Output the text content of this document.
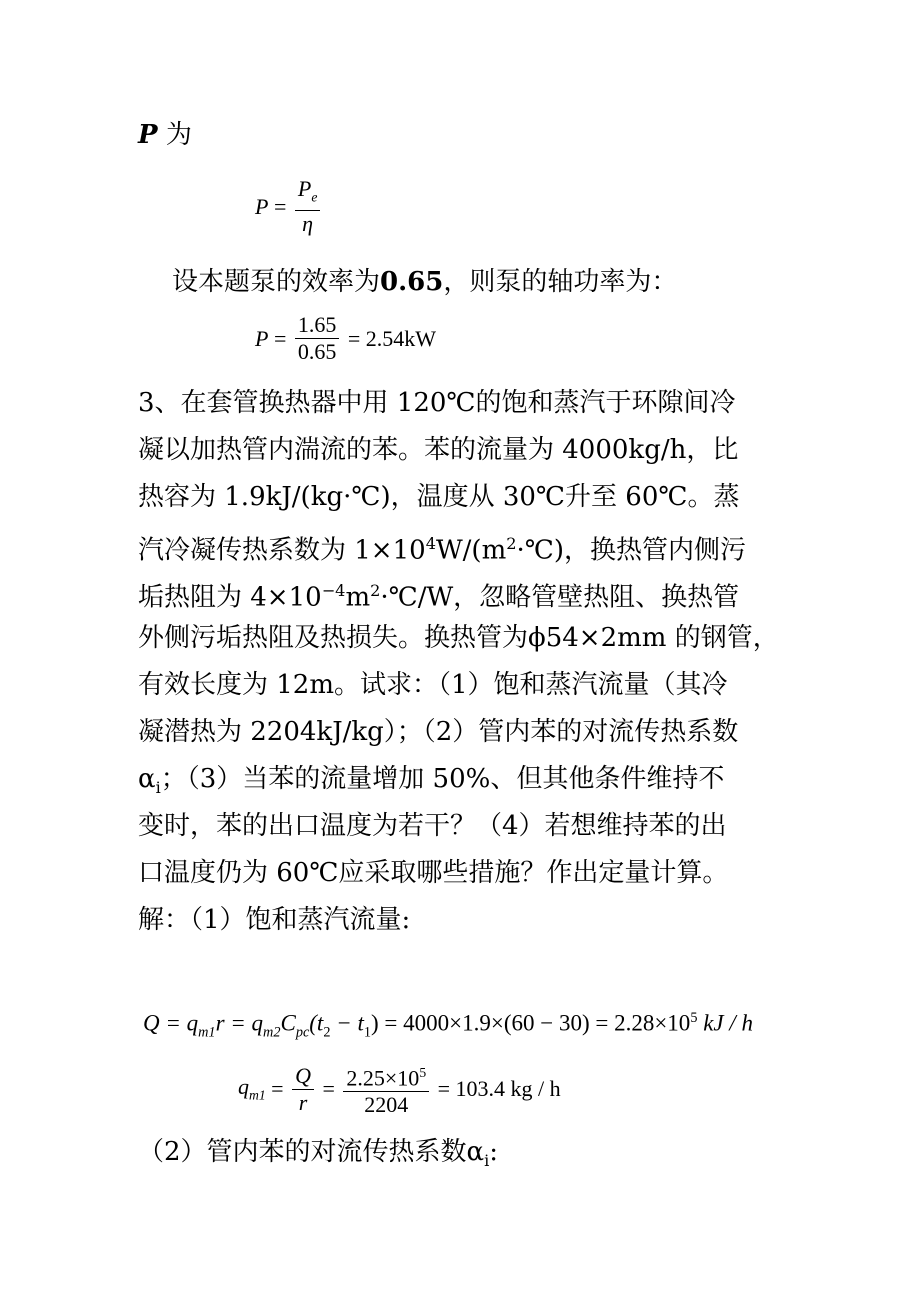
P 为
$P = \frac{P_e}{\eta}$
设本题泵的效率为0.65，则泵的轴功率为：
$P = \frac{1.65}{0.65} = 2.54kW$
3、在套管换热器中用 120℃的饱和蒸汽于环隙间冷
凝以加热管内湍流的苯。苯的流量为 4000kg/h，比
热容为 1.9kJ/(kg·℃)，温度从 30℃升至 60℃。蒸
汽冷凝传热系数为 $1\times 10^4W/(m^2\cdot℃)$，换热管内侧污
垢热阻为 $4\times 10^{-4}m^2\cdot℃/W$，忽略管壁热阻、换热管
外侧污垢热阻及热损失。换热管为ϕ54×2mm 的钢管，
有效长度为 12m。试求：（1）饱和蒸汽流量（其冷
凝潜热为 2204kJ/kg）；（2）管内苯的对流传热系数
$\alpha_i$；（3）当苯的流量增加 50%、但其他条件维持不
变时，苯的出口温度为若干？（4）若想维持苯的出
口温度仍为 60℃应采取哪些措施？作出定量计算。
解：（1）饱和蒸汽流量:
$Q = q_{m1}r = q_{m2}C_{pc}(t_2 - t_1) = 4000\times 1.9\times(60 - 30) = 2.28\times 10^5$ kJ / h
$q_{m1} = \frac{Q}{r} = \frac{2.25\times 10^5}{2204} = 103.4$ kg / h
（2）管内苯的对流传热系数$\alpha_i$:
